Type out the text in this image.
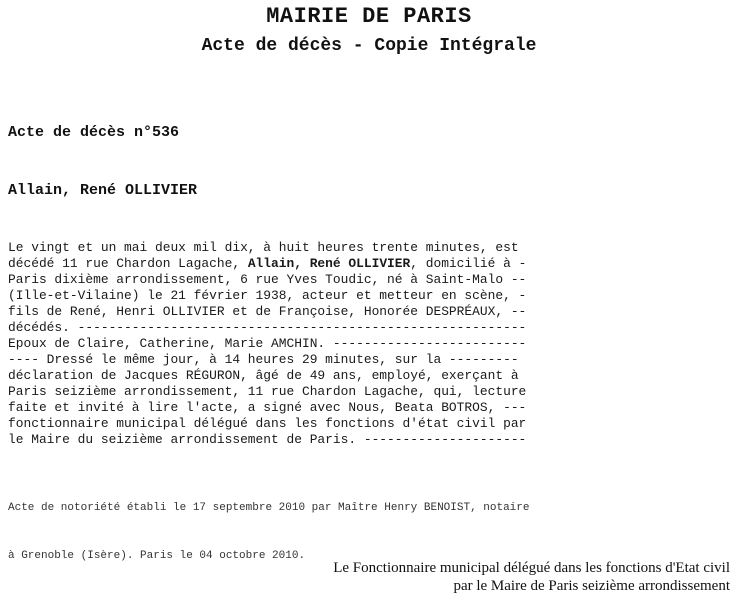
MAIRIE DE PARIS
Acte de décès - Copie Intégrale
Acte de décès n°536
Allain, René OLLIVIER
Le vingt et un mai deux mil dix, à huit heures trente minutes, est
décédé 11 rue Chardon Lagache, Allain, René OLLIVIER, domicilié à -
Paris dixième arrondissement, 6 rue Yves Toudic, né à Saint-Malo --
(Ille-et-Vilaine) le 21 février 1938, acteur et metteur en scène, -
fils de René, Henri OLLIVIER et de Françoise, Honorée DESPRÉAUX, --
décédés. ----------------------------------------------------------
Epoux de Claire, Catherine, Marie AMCHIN. -------------------------
---- Dressé le même jour, à 14 heures 29 minutes, sur la ---------
déclaration de Jacques RÉGURON, âgé de 49 ans, employé, exerçant à
Paris seizième arrondissement, 11 rue Chardon Lagache, qui, lecture
faite et invité à lire l'acte, a signé avec Nous, Beata BOTROS, ---
fonctionnaire municipal délégué dans les fonctions d'état civil par
le Maire du seizième arrondissement de Paris. ---------------------

Acte de notoriété établi le 17 septembre 2010 par Maître Henry BENOIST, notaire

à Grenoble (Isère). Paris le 04 octobre 2010.

Le Fonctionnaire municipal délégué dans les fonctions d'Etat civil
par le Maire de Paris seizième arrondissement
